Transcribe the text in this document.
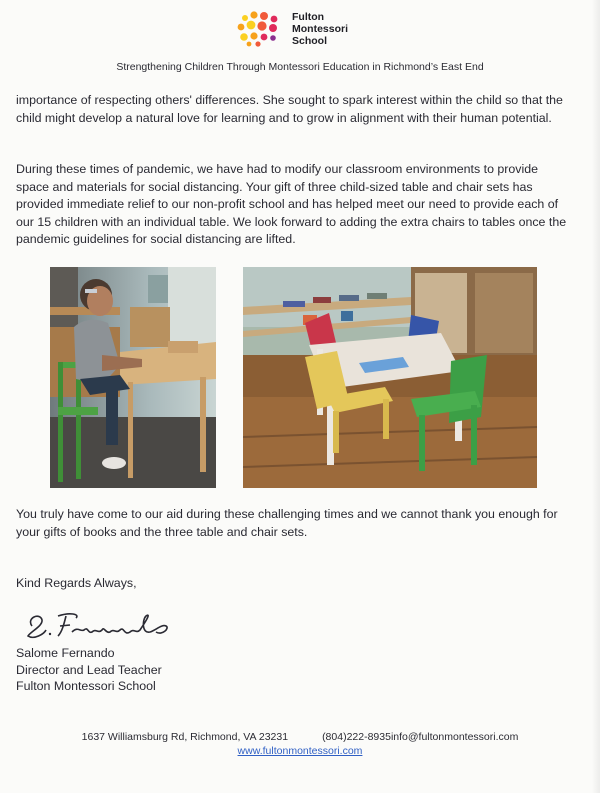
Fulton
Montessori
School
Strengthening Children Through Montessori Education in Richmond’s East End

importance of respecting others' differences. She sought to spark interest within the child so that the child might develop a natural love for learning and to grow in alignment with their human potential.

During these times of pandemic, we have had to modify our classroom environments to provide space and materials for social distancing. Your gift of three child-sized table and chair sets has provided immediate relief to our non-profit school and has helped meet our need to provide each of our 15 children with an individual table. We look forward to adding the extra chairs to tables once the pandemic guidelines for social distancing are lifted.

You truly have come to our aid during these challenging times and we cannot thank you enough for your gifts of books and the three table and chair sets.

Kind Regards Always,

Salome Fernando
Director and Lead Teacher
Fulton Montessori School
1637 Williamsburg Rd, Richmond, VA 23231	(804)222-8935info@fultonmontessori.com
www.fultonmontessori.com
